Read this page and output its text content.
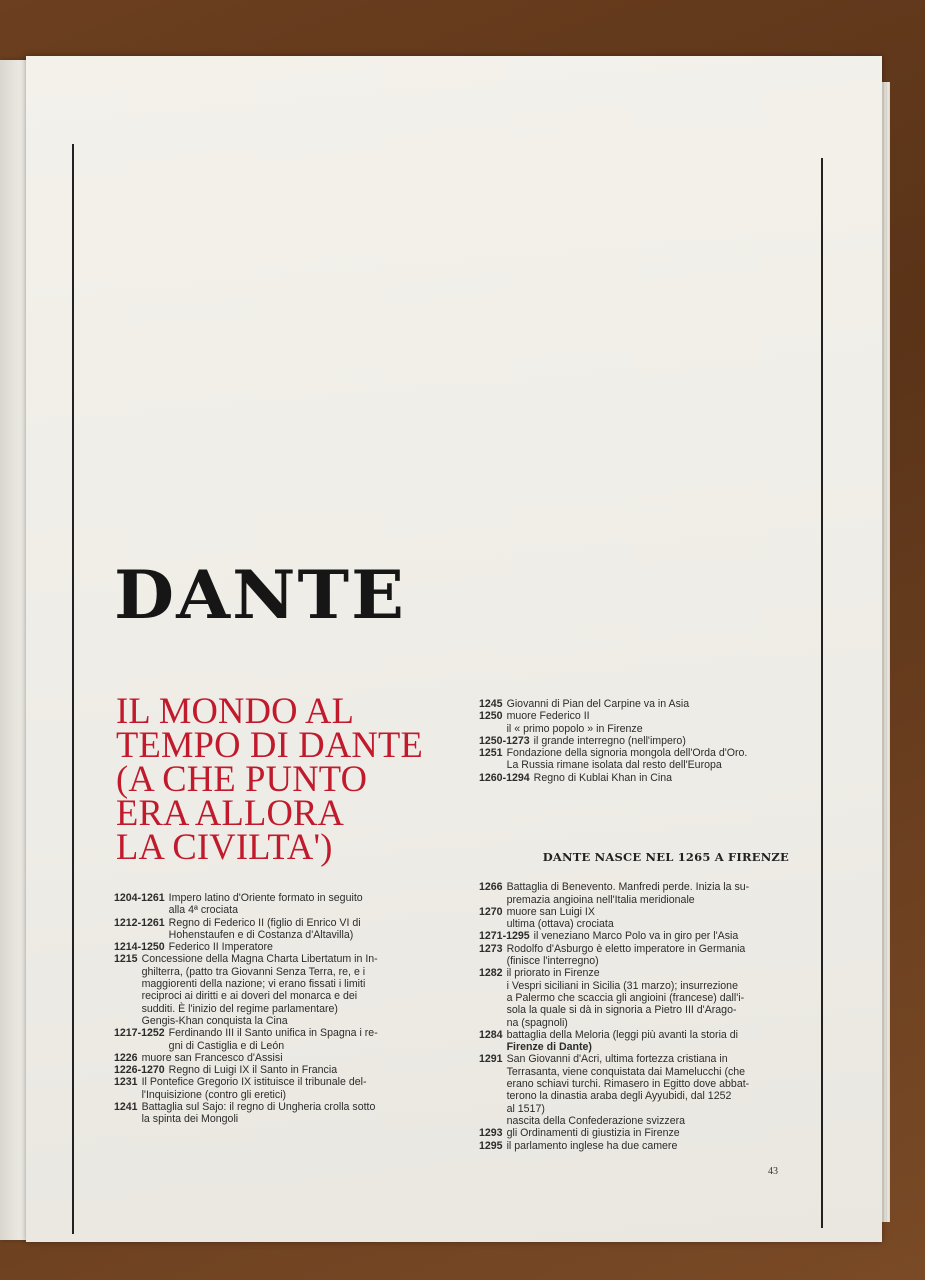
DANTE
IL MONDO AL
TEMPO DI DANTE
(A CHE PUNTO
ERA ALLORA
LA CIVILTA')
1204-1261 Impero latino d'Oriente formato in seguito
alla 4ª crociata
1212-1261 Regno di Federico II (figlio di Enrico VI di
Hohenstaufen e di Costanza d'Altavilla)
1214-1250 Federico II Imperatore
1215 Concessione della Magna Charta Libertatum in In-
ghilterra, (patto tra Giovanni Senza Terra, re, e i
maggiorenti della nazione; vi erano fissati i limiti
reciproci ai diritti e ai doveri del monarca e dei
sudditi. È l'inizio del regime parlamentare)
Gengis-Khan conquista la Cina
1217-1252 Ferdinando III il Santo unifica in Spagna i re-
gni di Castiglia e di León
1226 muore san Francesco d'Assisi
1226-1270 Regno di Luigi IX il Santo in Francia
1231 Il Pontefice Gregorio IX istituisce il tribunale del-
l'Inquisizione (contro gli eretici)
1241 Battaglia sul Sajo: il regno di Ungheria crolla sotto
la spinta dei Mongoli
1245 Giovanni di Pian del Carpine va in Asia
1250 muore Federico II
il « primo popolo » in Firenze
1250-1273 il grande interregno (nell'impero)
1251 Fondazione della signoria mongola dell'Orda d'Oro.
La Russia rimane isolata dal resto dell'Europa
1260-1294 Regno di Kublai Khan in Cina
DANTE NASCE NEL 1265 A FIRENZE
1266 Battaglia di Benevento. Manfredi perde. Inizia la su-
premazia angioina nell'Italia meridionale
1270 muore san Luigi IX
ultima (ottava) crociata
1271-1295 il veneziano Marco Polo va in giro per l'Asia
1273 Rodolfo d'Asburgo è eletto imperatore in Germania
(finisce l'interregno)
1282 il priorato in Firenze
i Vespri siciliani in Sicilia (31 marzo); insurrezione
a Palermo che scaccia gli angioini (francese) dall'i-
sola la quale si dà in signoria a Pietro III d'Arago-
na (spagnoli)
1284 battaglia della Meloria (leggi più avanti la storia di
Firenze di Dante)
1291 San Giovanni d'Acri, ultima fortezza cristiana in
Terrasanta, viene conquistata dai Mamelucchi (che
erano schiavi turchi. Rimasero in Egitto dove abbat-
terono la dinastia araba degli Ayyubidi, dal 1252
al 1517)
nascita della Confederazione svizzera
1293 gli Ordinamenti di giustizia in Firenze
1295 il parlamento inglese ha due camere
43
